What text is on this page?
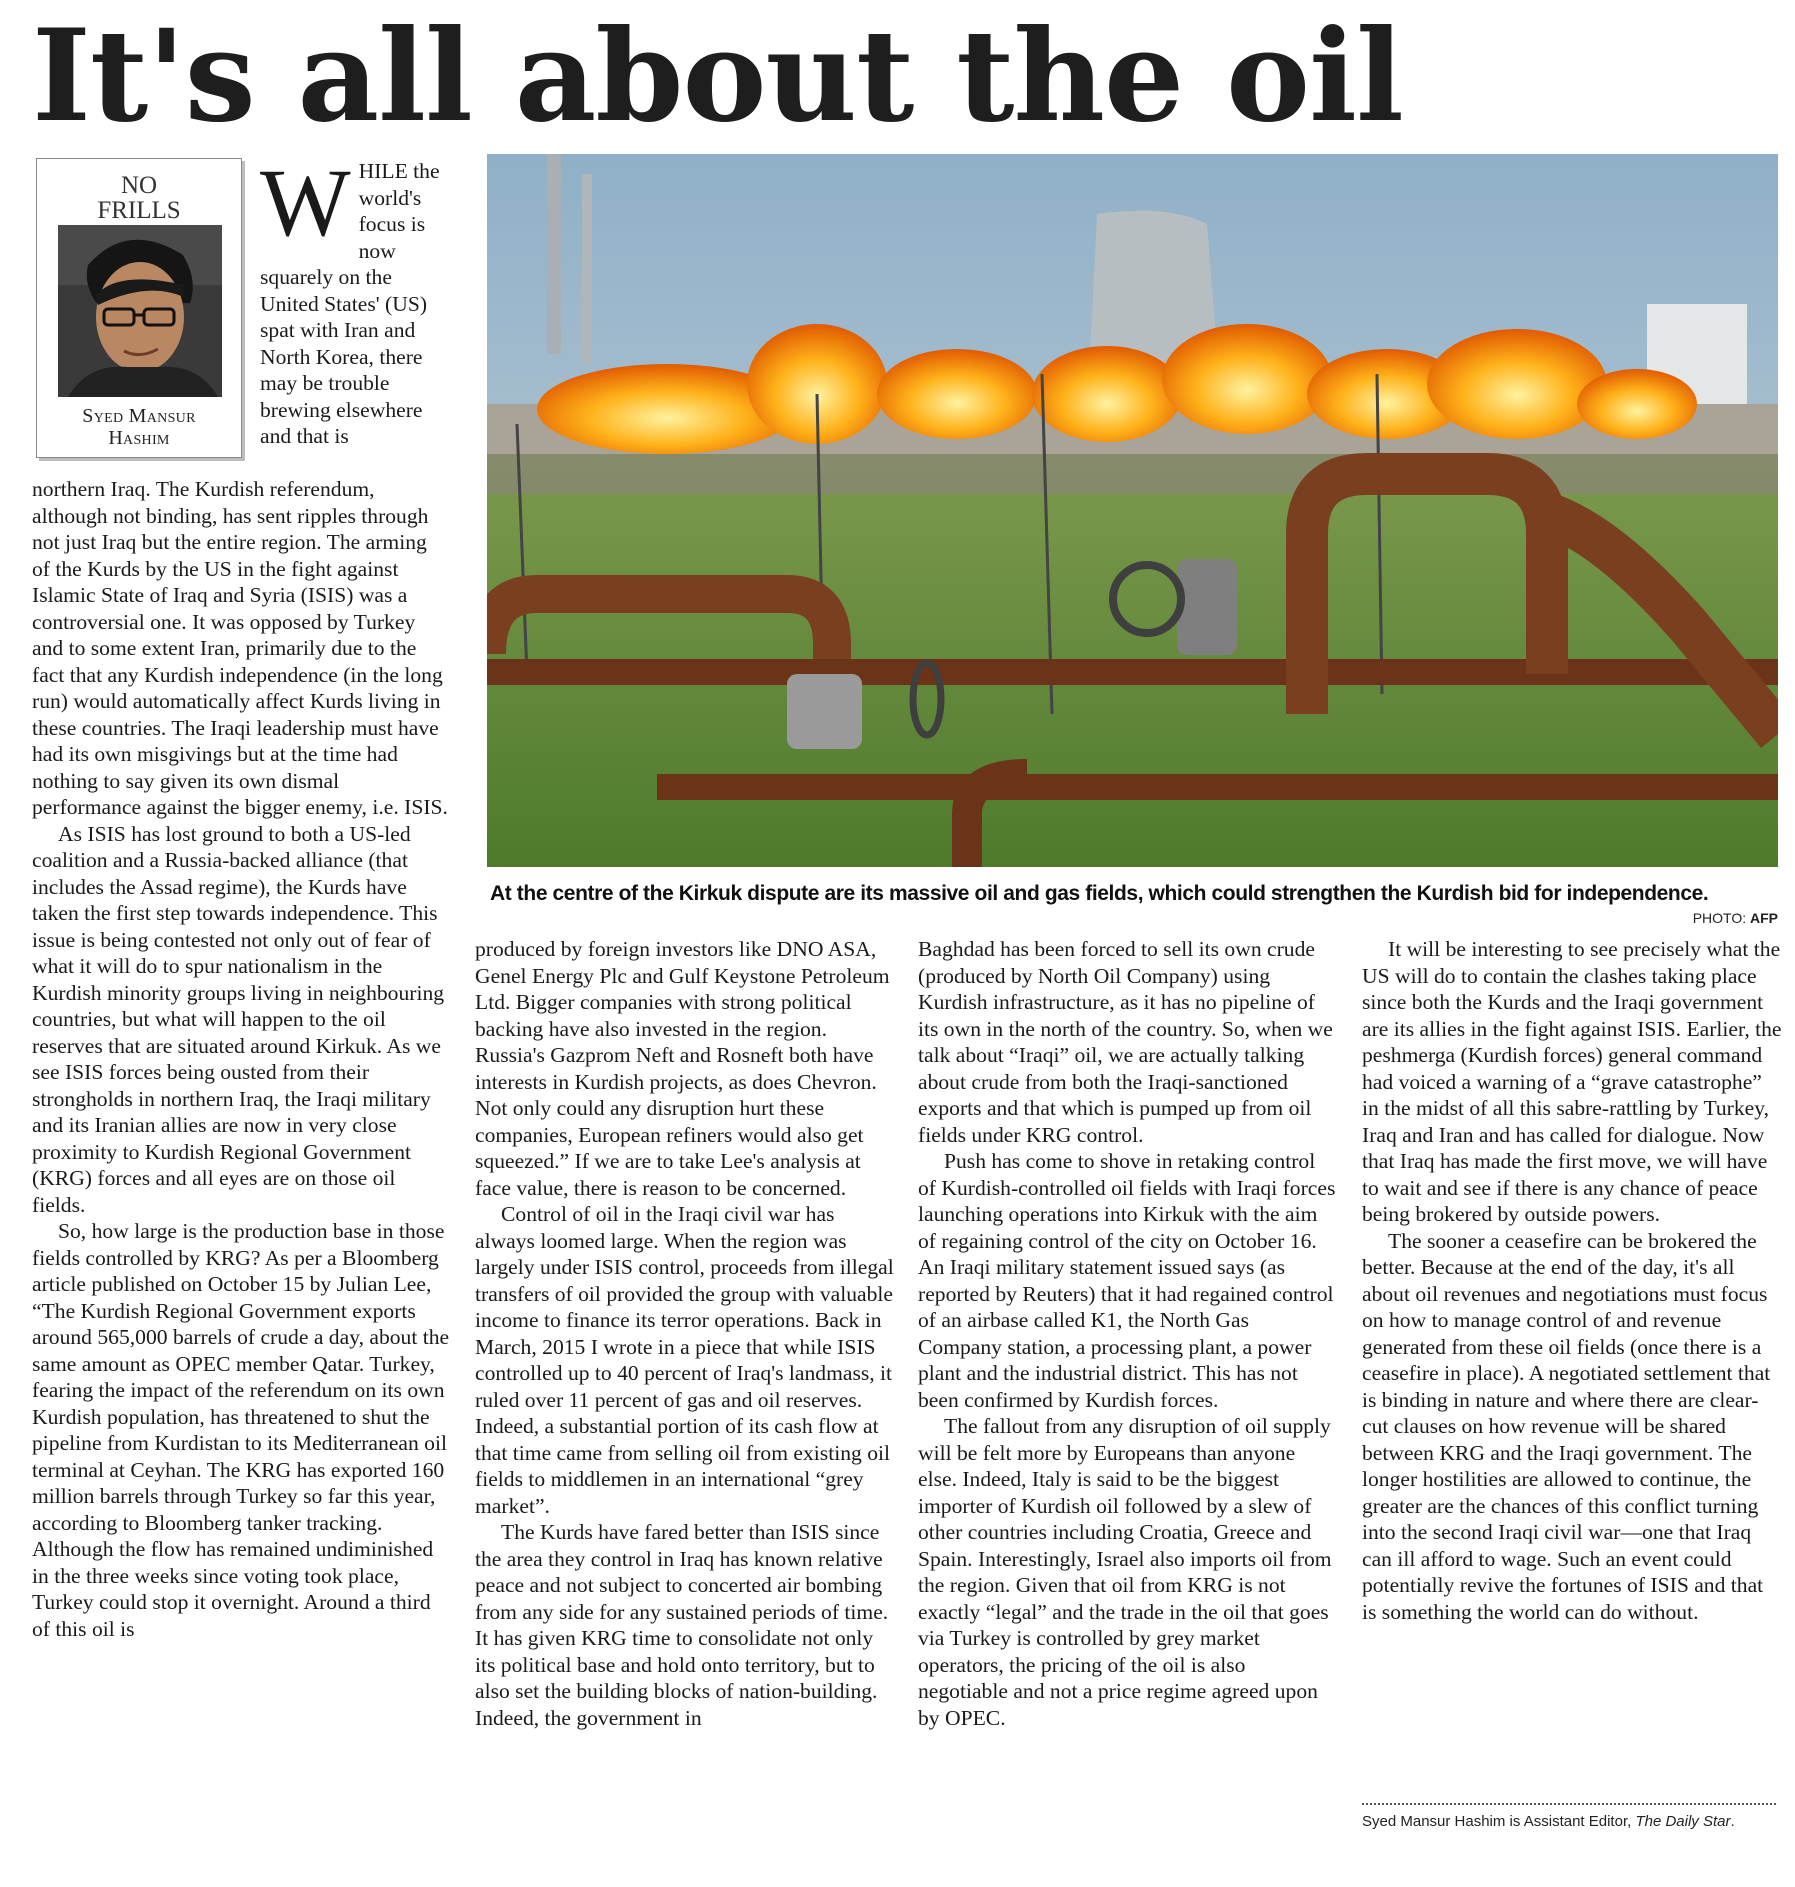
It's all about the oil
NO
FRILLS
Syed Mansur
Hashim

WHILE the world's focus is now squarely on the United States' (US) spat with Iran and North Korea, there may be trouble brewing elsewhere and that is

northern Iraq. The Kurdish referendum, although not binding, has sent ripples through not just Iraq but the entire region. The arming of the Kurds by the US in the fight against Islamic State of Iraq and Syria (ISIS) was a controversial one. It was opposed by Turkey and to some extent Iran, primarily due to the fact that any Kurdish independence (in the long run) would automatically affect Kurds living in these countries. The Iraqi leadership must have had its own misgivings but at the time had nothing to say given its own dismal performance against the bigger enemy, i.e. ISIS.

As ISIS has lost ground to both a US-led coalition and a Russia-backed alliance (that includes the Assad regime), the Kurds have taken the first step towards independence. This issue is being contested not only out of fear of what it will do to spur nationalism in the Kurdish minority groups living in neighbouring countries, but what will happen to the oil reserves that are situated around Kirkuk. As we see ISIS forces being ousted from their strongholds in northern Iraq, the Iraqi military and its Iranian allies are now in very close proximity to Kurdish Regional Government (KRG) forces and all eyes are on those oil fields.

So, how large is the production base in those fields controlled by KRG? As per a Bloomberg article published on October 15 by Julian Lee, “The Kurdish Regional Government exports around 565,000 barrels of crude a day, about the same amount as OPEC member Qatar. Turkey, fearing the impact of the referendum on its own Kurdish population, has threatened to shut the pipeline from Kurdistan to its Mediterranean oil terminal at Ceyhan. The KRG has exported 160 million barrels through Turkey so far this year, according to Bloomberg tanker tracking. Although the flow has remained undiminished in the three weeks since voting took place, Turkey could stop it overnight. Around a third of this oil is

At the centre of the Kirkuk dispute are its massive oil and gas fields, which could strengthen the Kurdish bid for independence.
PHOTO: AFP

produced by foreign investors like DNO ASA, Genel Energy Plc and Gulf Keystone Petroleum Ltd. Bigger companies with strong political backing have also invested in the region. Russia's Gazprom Neft and Rosneft both have interests in Kurdish projects, as does Chevron. Not only could any disruption hurt these companies, European refiners would also get squeezed.” If we are to take Lee's analysis at face value, there is reason to be concerned.

Control of oil in the Iraqi civil war has always loomed large. When the region was largely under ISIS control, proceeds from illegal transfers of oil provided the group with valuable income to finance its terror operations. Back in March, 2015 I wrote in a piece that while ISIS controlled up to 40 percent of Iraq's landmass, it ruled over 11 percent of gas and oil reserves. Indeed, a substantial portion of its cash flow at that time came from selling oil from existing oil fields to middlemen in an international “grey market”.

The Kurds have fared better than ISIS since the area they control in Iraq has known relative peace and not subject to concerted air bombing from any side for any sustained periods of time. It has given KRG time to consolidate not only its political base and hold onto territory, but to also set the building blocks of nation-building. Indeed, the government in

Baghdad has been forced to sell its own crude (produced by North Oil Company) using Kurdish infrastructure, as it has no pipeline of its own in the north of the country. So, when we talk about “Iraqi” oil, we are actually talking about crude from both the Iraqi-sanctioned exports and that which is pumped up from oil fields under KRG control.

Push has come to shove in retaking control of Kurdish-controlled oil fields with Iraqi forces launching operations into Kirkuk with the aim of regaining control of the city on October 16. An Iraqi military statement issued says (as reported by Reuters) that it had regained control of an airbase called K1, the North Gas Company station, a processing plant, a power plant and the industrial district. This has not been confirmed by Kurdish forces.

The fallout from any disruption of oil supply will be felt more by Europeans than anyone else. Indeed, Italy is said to be the biggest importer of Kurdish oil followed by a slew of other countries including Croatia, Greece and Spain. Interestingly, Israel also imports oil from the region. Given that oil from KRG is not exactly “legal” and the trade in the oil that goes via Turkey is controlled by grey market operators, the pricing of the oil is also negotiable and not a price regime agreed upon by OPEC.

It will be interesting to see precisely what the US will do to contain the clashes taking place since both the Kurds and the Iraqi government are its allies in the fight against ISIS. Earlier, the peshmerga (Kurdish forces) general command had voiced a warning of a “grave catastrophe” in the midst of all this sabre-rattling by Turkey, Iraq and Iran and has called for dialogue. Now that Iraq has made the first move, we will have to wait and see if there is any chance of peace being brokered by outside powers.

The sooner a ceasefire can be brokered the better. Because at the end of the day, it's all about oil revenues and negotiations must focus on how to manage control of and revenue generated from these oil fields (once there is a ceasefire in place). A negotiated settlement that is binding in nature and where there are clear-cut clauses on how revenue will be shared between KRG and the Iraqi government. The longer hostilities are allowed to continue, the greater are the chances of this conflict turning into the second Iraqi civil war—one that Iraq can ill afford to wage. Such an event could potentially revive the fortunes of ISIS and that is something the world can do without.

Syed Mansur Hashim is Assistant Editor, The Daily Star.
